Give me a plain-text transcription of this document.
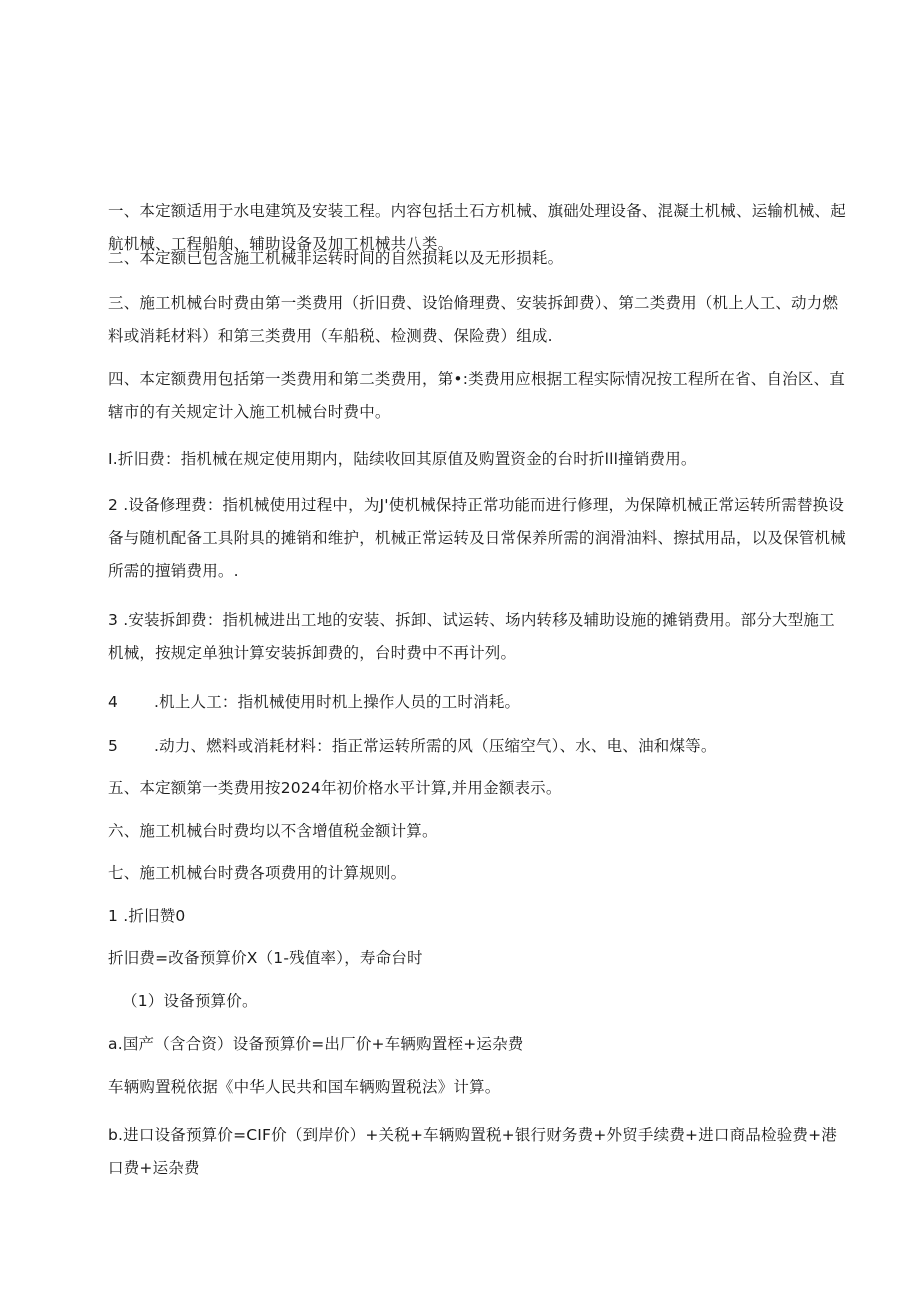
一、本定额适用于水电建筑及安装工程。内容包括土石方机械、旗础处理设备、混凝土机械、运输机械、起航机械、工程船舶、辅助设备及加工机械共八类。

二、本定额已包含施工机械非运转时间的自然损耗以及无形损耗。

三、施工机械台时费由第一类费用（折旧费、设饴脩理费、安装拆卸费）、第二类费用（机上人工、动力燃料或消耗材料）和第三类费用（车船税、检测费、保险费）组成.

四、本定额费用包括第一类费用和第二类费用，第•:类费用应根据工程实际情况按工程所在省、自治区、直辖市的有关规定计入施工机械台时费中。

I.折旧费：指机械在规定使用期内，陆续收回其原值及购置资金的台时折lll撞销费用。

2 .设备修理费：指机械使用过程中，为J'使机械保持正常功能而进行修理，为保障机械正常运转所需替换设备与随机配备工具附具的摊销和维护，机械正常运转及日常保养所需的润滑油料、擦拭用品，以及保管机械所需的擅销费用。.

3 .安装拆卸费：指机械进出工地的安装、拆卸、试运转、场内转移及辅助设施的摊销费用。部分大型施工机械，按规定单独计算安装拆卸费的，台时费中不再计列。

4 .机上人工：指机械使用时机上操作人员的工时消耗。

5 .动力、燃料或消耗材料：指正常运转所需的风（压缩空气）、水、电、油和煤等。

五、本定额第一类费用按2024年初价格水平计算,并用金额表示。

六、施工机械台时费均以不含增值税金额计算。

七、施工机械台时费各项费用的计算规则。

1 .折旧赞0

折旧费=改备预算价X（1-残值率），寿命台时

（1）设备预算价。

a.国产（含合资）设备预算价=出厂价+车辆购置桎+运杂费

车辆购置税依据《中华人民共和国车辆购置税法》计算。

b.进口设备预算价=CIF价（到岸价）+关税+车辆购置税+银行财务费+外贸手续费+进口商品检验费+港口费+运杂费
